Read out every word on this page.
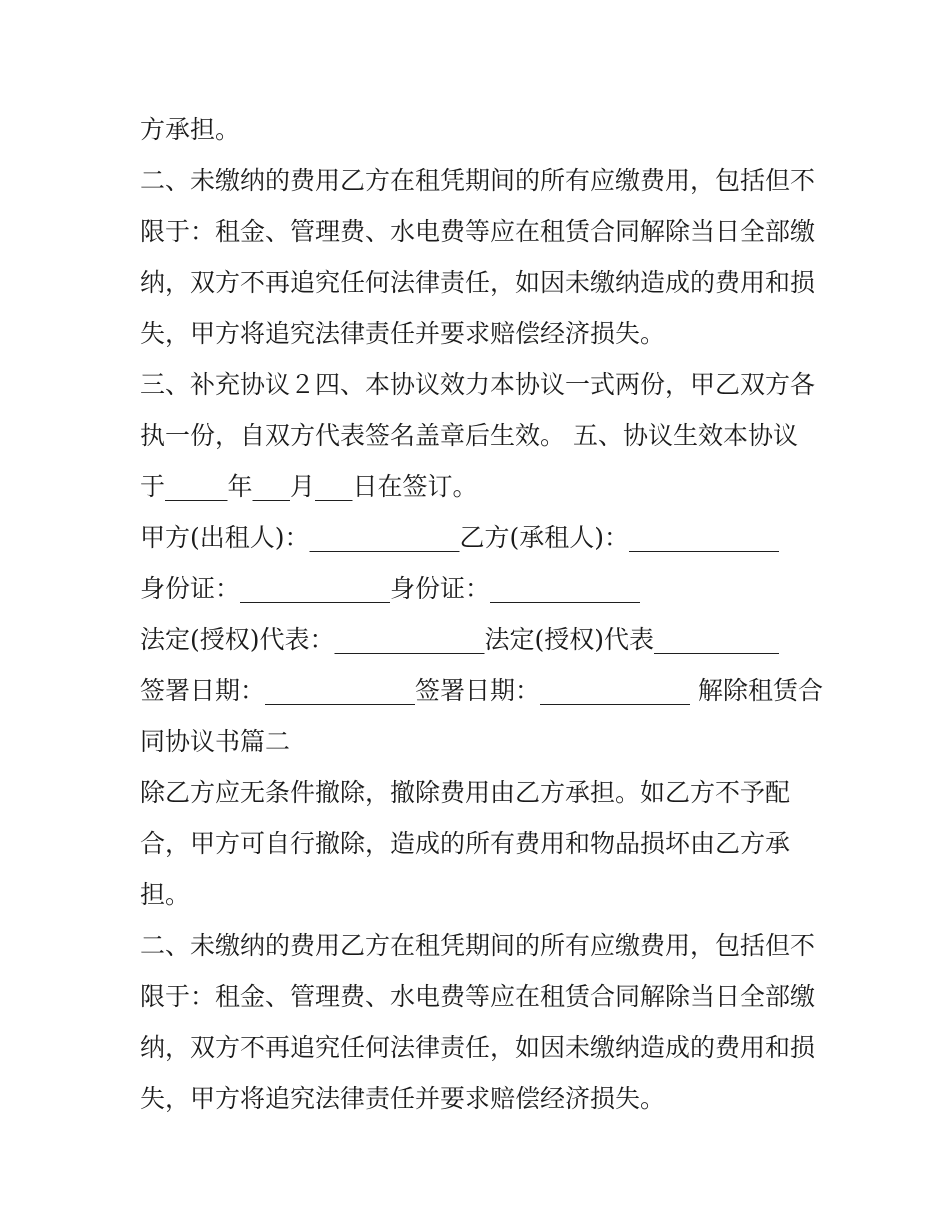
方承担。
二、未缴纳的费用乙方在租凭期间的所有应缴费用，包括但不
限于：租金、管理费、水电费等应在租赁合同解除当日全部缴
纳，双方不再追究任何法律责任，如因未缴纳造成的费用和损
失，甲方将追究法律责任并要求赔偿经济损失。
三、补充协议２四、本协议效力本协议一式两份，甲乙双方各
执一份，自双方代表签名盖章后生效。 五、协议生效本协议
于_____年___月___日在签订。
甲方(出租人)：____________乙方(承租人)：____________
身份证：____________身份证：____________
法定(授权)代表：____________法定(授权)代表__________
签署日期：____________签署日期：____________ 解除租赁合
同协议书篇二
除乙方应无条件撤除，撤除费用由乙方承担。如乙方不予配
合，甲方可自行撤除，造成的所有费用和物品损坏由乙方承
担。
二、未缴纳的费用乙方在租凭期间的所有应缴费用，包括但不
限于：租金、管理费、水电费等应在租赁合同解除当日全部缴
纳，双方不再追究任何法律责任，如因未缴纳造成的费用和损
失，甲方将追究法律责任并要求赔偿经济损失。
